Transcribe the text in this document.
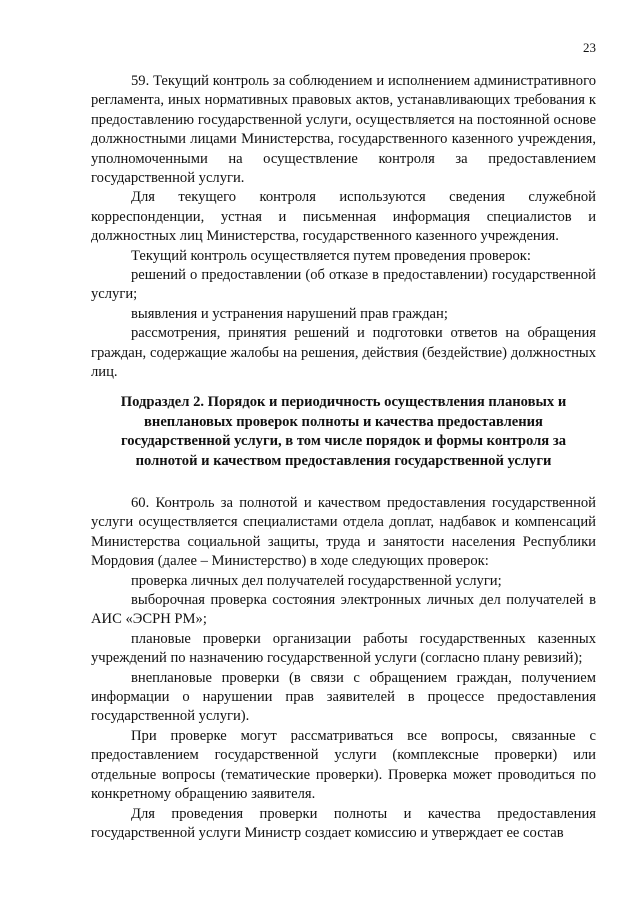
23

59. Текущий контроль за соблюдением и исполнением административного регламента, иных нормативных правовых актов, устанавливающих требования к предоставлению государственной услуги, осуществляется на постоянной основе должностными лицами Министерства, государственного казенного учреждения, уполномоченными на осуществление контроля за предоставлением государственной услуги.

Для текущего контроля используются сведения служебной корреспонденции, устная и письменная информация специалистов и должностных лиц Министерства, государственного казенного учреждения.

Текущий контроль осуществляется путем проведения проверок:

решений о предоставлении (об отказе в предоставлении) государственной услуги;

выявления и устранения нарушений прав граждан;

рассмотрения, принятия решений и подготовки ответов на обращения граждан, содержащие жалобы на решения, действия (бездействие) должностных лиц.

Подраздел 2. Порядок и периодичность осуществления плановых и внеплановых проверок полноты и качества предоставления государственной услуги, в том числе порядок и формы контроля за полнотой и качеством предоставления государственной услуги

60. Контроль за полнотой и качеством предоставления государственной услуги осуществляется специалистами отдела доплат, надбавок и компенсаций Министерства социальной защиты, труда и занятости населения Республики Мордовия (далее – Министерство) в ходе следующих проверок:

проверка личных дел получателей государственной услуги;

выборочная проверка состояния электронных личных дел получателей в АИС «ЭСРН РМ»;

плановые проверки организации работы государственных казенных учреждений по назначению государственной услуги (согласно плану ревизий);

внеплановые проверки (в связи с обращением граждан, получением информации о нарушении прав заявителей в процессе предоставления государственной услуги).

При проверке могут рассматриваться все вопросы, связанные с предоставлением государственной услуги (комплексные проверки) или отдельные вопросы (тематические проверки). Проверка может проводиться по конкретному обращению заявителя.

Для проведения проверки полноты и качества предоставления государственной услуги Министр создает комиссию и утверждает ее состав
